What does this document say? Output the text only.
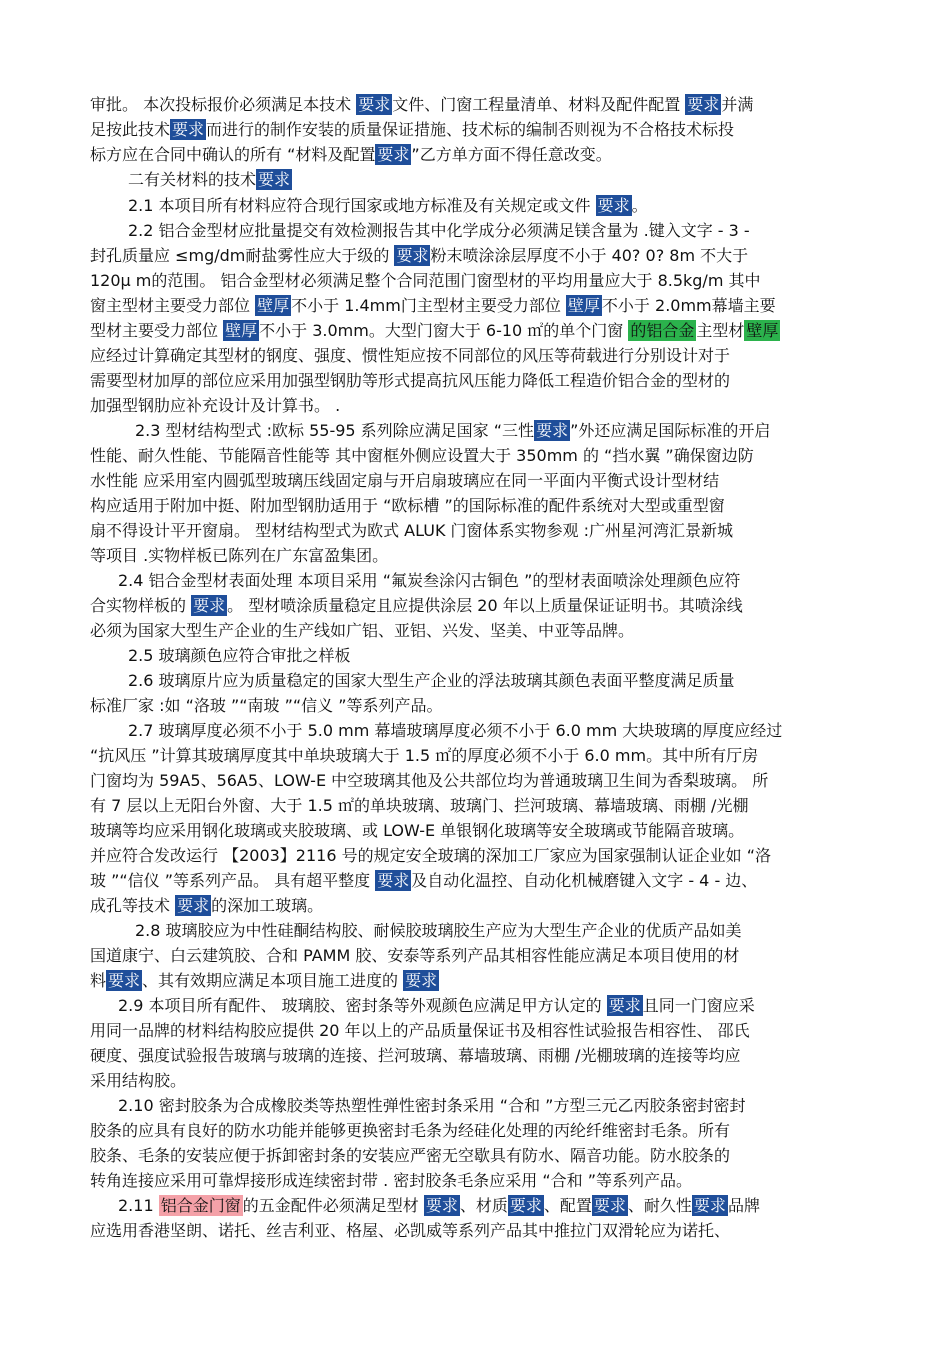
审批。 本次投标报价必须满足本技术 要求 文件、门窗工程量清单、材料及配件配置 要求 并满
足按此技术 要求 而进行的制作安装的质量保证措施、技术标的编制否则视为不合格技术标投
标方应在合同中确认的所有 “材料及配置 要求 ”乙方单方面不得任意改变。
二有关材料的技术 要求
2.1 本项目所有材料应符合现行国家或地方标准及有关规定或文件 要求 。
2.2 铝合金型材应批量提交有效检测报告其中化学成分必须满足镁含量为 .键入文字 - 3 -
封孔质量应 ≤mg/dm耐盐雾性应大于级的 要求 粉末喷涂涂层厚度不小于 40? 0? 8m 不大于
120μ m的范围。 铝合金型材必须满足整个合同范围门窗型材的平均用量应大于 8.5kg/m 其中
窗主型材主要受力部位 壁厚 不小于 1.4mm门主型材主要受力部位 壁厚 不小于 2.0mm幕墙主要
型材主要受力部位 壁厚 不小于 3.0mm。大型门窗大于 6-10 ㎡的单个门窗 的铝合金 主型材 壁厚
应经过计算确定其型材的钢度、强度、惯性矩应按不同部位的风压等荷载进行分别设计对于
需要型材加厚的部位应采用加强型钢肋等形式提高抗风压能力降低工程造价铝合金的型材的
加强型钢肋应补充设计及计算书。 .
2.3 型材结构型式 :欧标 55-95 系列除应满足国家 “三性 要求 ”外还应满足国际标准的开启
性能、耐久性能、节能隔音性能等 其中窗框外侧应设置大于 350mm 的 “挡水翼 ”确保窗边防
水性能 应采用室内圆弧型玻璃压线固定扇与开启扇玻璃应在同一平面内平衡式设计型材结
构应适用于附加中挺、附加型钢肋适用于 “欧标槽 ”的国际标准的配件系统对大型或重型窗
扇不得设计平开窗扇。 型材结构型式为欧式 ALUK 门窗体系实物参观 :广州星河湾汇景新城
等项目 .实物样板已陈列在广东富盈集团。
2.4 铝合金型材表面处理 本项目采用 “氟炭叁涂闪古铜色 ”的型材表面喷涂处理颜色应符
合实物样板的 要求 。 型材喷涂质量稳定且应提供涂层 20 年以上质量保证证明书。其喷涂线
必须为国家大型生产企业的生产线如广铝、亚铝、兴发、坚美、中亚等品牌。
2.5 玻璃颜色应符合审批之样板
2.6 玻璃原片应为质量稳定的国家大型生产企业的浮法玻璃其颜色表面平整度满足质量
标准厂家 :如 “洛玻 ”“南玻 ”“信义 ”等系列产品。
2.7 玻璃厚度必须不小于 5.0 mm 幕墙玻璃厚度必须不小于 6.0 mm 大块玻璃的厚度应经过
“抗风压 ”计算其玻璃厚度其中单块玻璃大于 1.5 ㎡的厚度必须不小于 6.0 mm。其中所有厅房
门窗均为 59A5、56A5、LOW-E 中空玻璃其他及公共部位均为普通玻璃卫生间为香梨玻璃。 所
有 7 层以上无阳台外窗、大于 1.5 ㎡的单块玻璃、玻璃门、拦河玻璃、幕墙玻璃、雨棚 /光棚
玻璃等均应采用钢化玻璃或夹胶玻璃、或 LOW-E 单银钢化玻璃等安全玻璃或节能隔音玻璃。
并应符合发改运行 【2003】2116 号的规定安全玻璃的深加工厂家应为国家强制认证企业如 “洛
玻 ”“信仪 ”等系列产品。 具有超平整度 要求 及自动化温控、自动化机械磨键入文字 - 4 - 边、
成孔等技术 要求 的深加工玻璃。
2.8 玻璃胶应为中性硅酮结构胶、耐候胶玻璃胶生产应为大型生产企业的优质产品如美
国道康宁、白云建筑胶、合和 PAMM 胶、安泰等系列产品其相容性能应满足本项目使用的材
料 要求 、其有效期应满足本项目施工进度的 要求
2.9 本项目所有配件、 玻璃胶、密封条等外观颜色应满足甲方认定的 要求 且同一门窗应采
用同一品牌的材料结构胶应提供 20 年以上的产品质量保证书及相容性试验报告相容性、 邵氏
硬度、强度试验报告玻璃与玻璃的连接、拦河玻璃、幕墙玻璃、雨棚 /光棚玻璃的连接等均应
采用结构胶。
2.10 密封胶条为合成橡胶类等热塑性弹性密封条采用 “合和 ”方型三元乙丙胶条密封密封
胶条的应具有良好的防水功能并能够更换密封毛条为经硅化处理的丙纶纤维密封毛条。所有
胶条、毛条的安装应便于拆卸密封条的安装应严密无空歇具有防水、隔音功能。防水胶条的
转角连接应采用可靠焊接形成连续密封带 . 密封胶条毛条应采用 “合和 ”等系列产品。
2.11 铝合金门窗 的五金配件必须满足型材 要求 、材质 要求 、配置 要求 、耐久性 要求 品牌
应选用香港坚朗、诺托、丝吉利亚、格屋、必凯威等系列产品其中推拉门双滑轮应为诺托、
